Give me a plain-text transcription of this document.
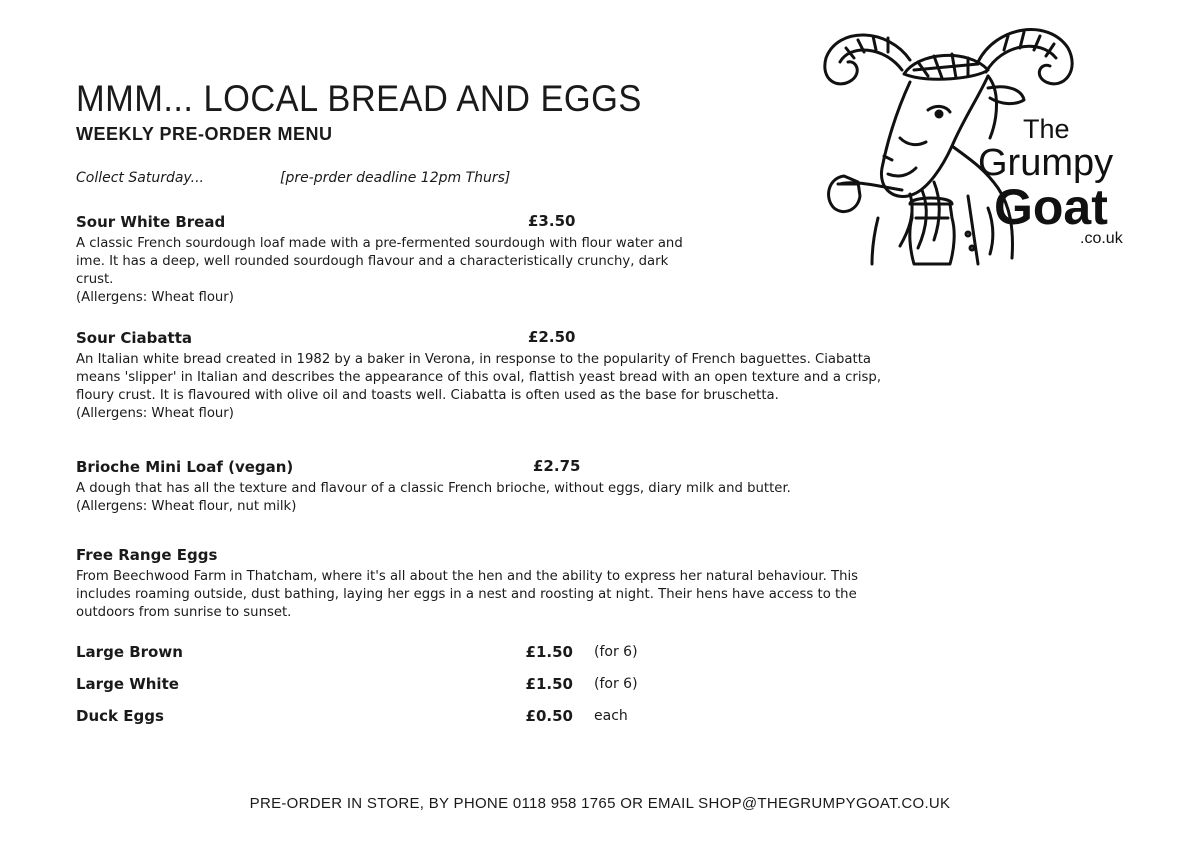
MMM... LOCAL BREAD AND EGGS
WEEKLY PRE-ORDER MENU
Collect Saturday...	[pre-prder deadline 12pm Thurs]
The
Grumpy
Goat
.co.uk
Sour White Bread	£3.50
A classic French sourdough loaf made with a pre-fermented sourdough with flour water and
ime. It has a deep, well rounded sourdough flavour and a characteristically crunchy, dark
crust.
(Allergens: Wheat flour)
Sour Ciabatta	£2.50
An Italian white bread created in 1982 by a baker in Verona, in response to the popularity of French baguettes. Ciabatta
means 'slipper' in Italian and describes the appearance of this oval, flattish yeast bread with an open texture and a crisp,
floury crust. It is flavoured with olive oil and toasts well. Ciabatta is often used as the base for bruschetta.
(Allergens: Wheat flour)
Brioche Mini Loaf (vegan)	£2.75
A dough that has all the texture and flavour of a classic French brioche, without eggs, diary milk and butter.
(Allergens: Wheat flour, nut milk)
Free Range Eggs
From Beechwood Farm in Thatcham, where it's all about the hen and the ability to express her natural behaviour. This
includes roaming outside, dust bathing, laying her eggs in a nest and roosting at night. Their hens have access to the
outdoors from sunrise to sunset.
Large Brown	£1.50 (for 6)
Large White	£1.50 (for 6)
Duck Eggs	£0.50 each
PRE-ORDER IN STORE, BY PHONE 0118 958 1765 OR EMAIL SHOP@THEGRUMPYGOAT.CO.UK
